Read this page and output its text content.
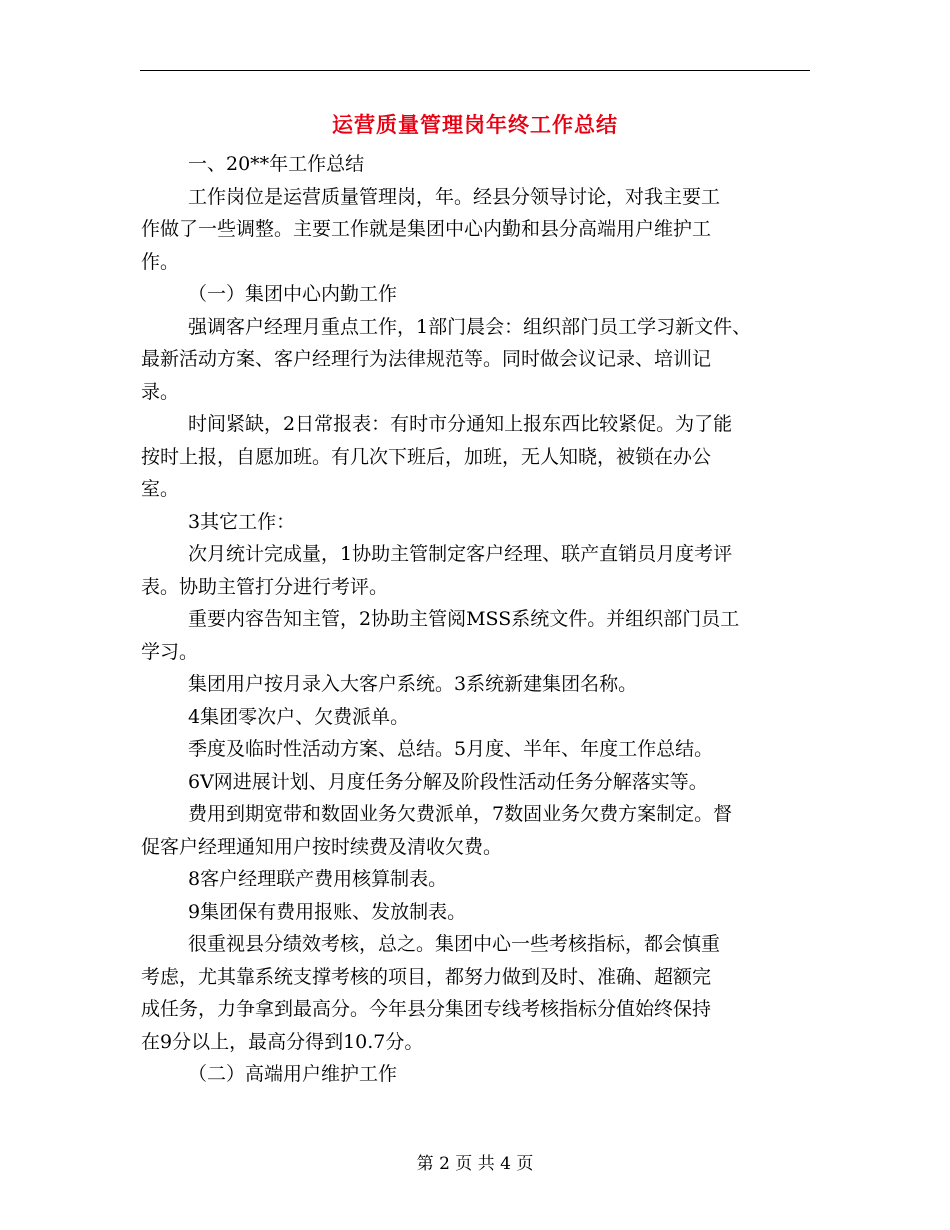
运营质量管理岗年终工作总结
一、20**年工作总结
工作岗位是运营质量管理岗，年。经县分领导讨论，对我主要工
作做了一些调整。主要工作就是集团中心内勤和县分高端用户维护工
作。
（一）集团中心内勤工作
强调客户经理月重点工作，1部门晨会：组织部门员工学习新文件、
最新活动方案、客户经理行为法律规范等。同时做会议记录、培训记
录。
时间紧缺，2日常报表：有时市分通知上报东西比较紧促。为了能
按时上报，自愿加班。有几次下班后，加班，无人知晓，被锁在办公
室。
3其它工作：
次月统计完成量，1协助主管制定客户经理、联产直销员月度考评
表。协助主管打分进行考评。
重要内容告知主管，2协助主管阅MSS系统文件。并组织部门员工
学习。
集团用户按月录入大客户系统。3系统新建集团名称。
4集团零次户、欠费派单。
季度及临时性活动方案、总结。5月度、半年、年度工作总结。
6V网进展计划、月度任务分解及阶段性活动任务分解落实等。
费用到期宽带和数固业务欠费派单，7数固业务欠费方案制定。督
促客户经理通知用户按时续费及清收欠费。
8客户经理联产费用核算制表。
9集团保有费用报账、发放制表。
很重视县分绩效考核，总之。集团中心一些考核指标，都会慎重
考虑，尤其靠系统支撑考核的项目，都努力做到及时、准确、超额完
成任务，力争拿到最高分。今年县分集团专线考核指标分值始终保持
在9分以上，最高分得到10.7分。
（二）高端用户维护工作
第 2 页 共 4 页
